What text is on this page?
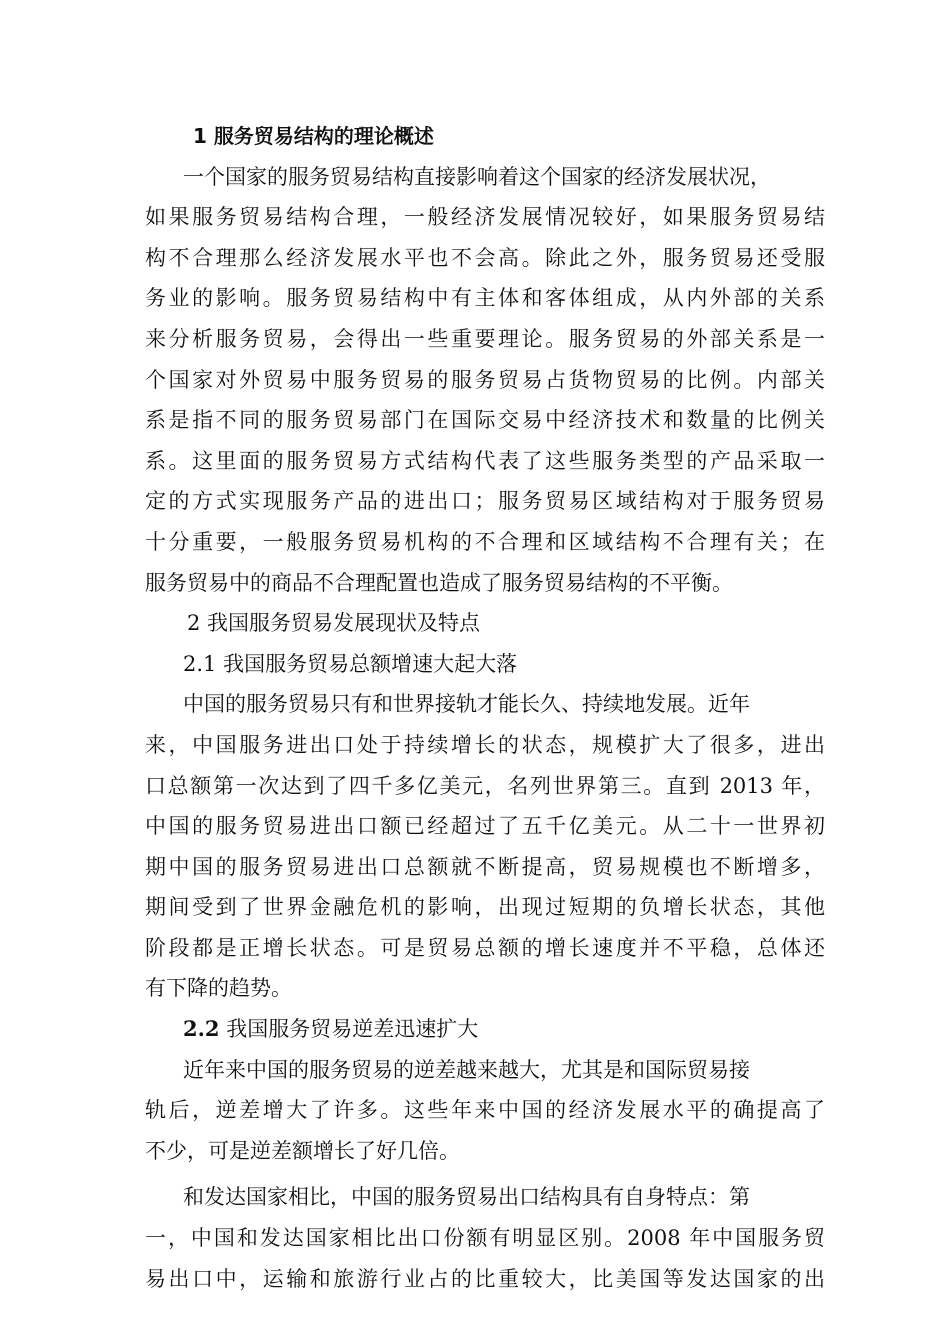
1 服务贸易结构的理论概述
一个国家的服务贸易结构直接影响着这个国家的经济发展状况，
如果服务贸易结构合理，一般经济发展情况较好，如果服务贸易结
构不合理那么经济发展水平也不会高。除此之外，服务贸易还受服
务业的影响。服务贸易结构中有主体和客体组成，从内外部的关系
来分析服务贸易，会得出一些重要理论。服务贸易的外部关系是一
个国家对外贸易中服务贸易的服务贸易占货物贸易的比例。内部关
系是指不同的服务贸易部门在国际交易中经济技术和数量的比例关
系。这里面的服务贸易方式结构代表了这些服务类型的产品采取一
定的方式实现服务产品的进出口；服务贸易区域结构对于服务贸易
十分重要，一般服务贸易机构的不合理和区域结构不合理有关；在
服务贸易中的商品不合理配置也造成了服务贸易结构的不平衡。
2 我国服务贸易发展现状及特点
2.1 我国服务贸易总额增速大起大落
中国的服务贸易只有和世界接轨才能长久、持续地发展。近年
来，中国服务进出口处于持续增长的状态，规模扩大了很多，进出
口总额第一次达到了四千多亿美元，名列世界第三。直到 2013 年，
中国的服务贸易进出口额已经超过了五千亿美元。从二十一世界初
期中国的服务贸易进出口总额就不断提高，贸易规模也不断增多，
期间受到了世界金融危机的影响，出现过短期的负增长状态，其他
阶段都是正增长状态。可是贸易总额的增长速度并不平稳，总体还
有下降的趋势。
2.2 我国服务贸易逆差迅速扩大
近年来中国的服务贸易的逆差越来越大，尤其是和国际贸易接
轨后，逆差增大了许多。这些年来中国的经济发展水平的确提高了
不少，可是逆差额增长了好几倍。
和发达国家相比，中国的服务贸易出口结构具有自身特点：第
一，中国和发达国家相比出口份额有明显区别。2008 年中国服务贸
易出口中，运输和旅游行业占的比重较大，比美国等发达国家的出
